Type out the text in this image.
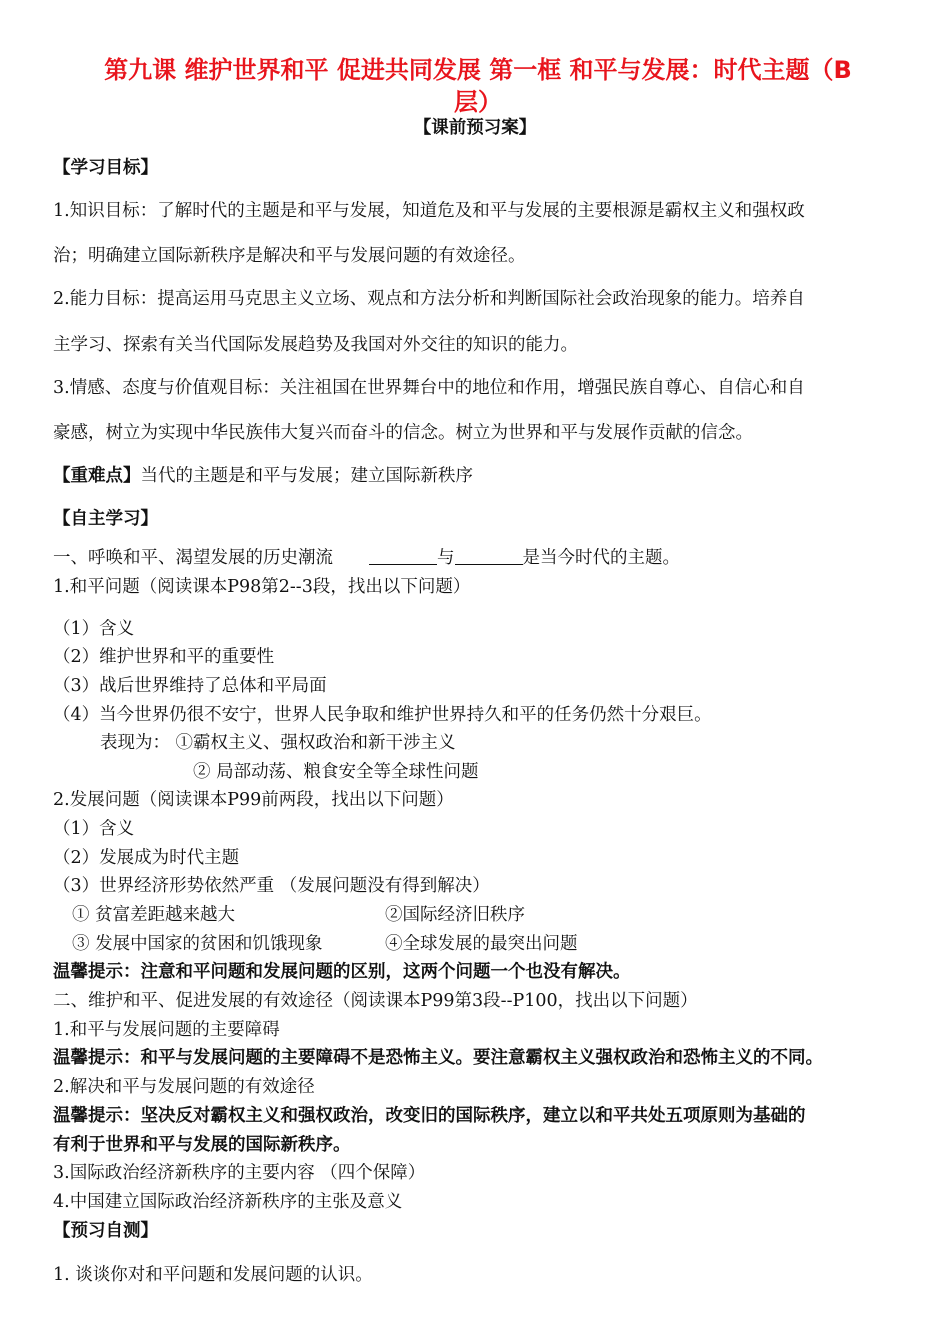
第九课 维护世界和平 促进共同发展 第一框 和平与发展：时代主题（B
层）
【课前预习案】
【学习目标】
1.知识目标：了解时代的主题是和平与发展，知道危及和平与发展的主要根源是霸权主义和强权政
治；明确建立国际新秩序是解决和平与发展问题的有效途径。
2.能力目标：提高运用马克思主义立场、观点和方法分析和判断国际社会政治现象的能力。培养自
主学习、探索有关当代国际发展趋势及我国对外交往的知识的能力。
3.情感、态度与价值观目标：关注祖国在世界舞台中的地位和作用，增强民族自尊心、自信心和自
豪感，树立为实现中华民族伟大复兴而奋斗的信念。树立为世界和平与发展作贡献的信念。
【重难点】当代的主题是和平与发展；建立国际新秩序
【自主学习】
一、呼唤和平、渴望发展的历史潮流	与	是当今时代的主题。
1.和平问题（阅读课本P98第2--3段，找出以下问题）
（1）含义
（2）维护世界和平的重要性
（3）战后世界维持了总体和平局面
（4）当今世界仍很不安宁，世界人民争取和维护世界持久和平的任务仍然十分艰巨。
表现为： ①霸权主义、强权政治和新干涉主义
② 局部动荡、粮食安全等全球性问题
2.发展问题（阅读课本P99前两段，找出以下问题）
（1）含义
（2）发展成为时代主题
（3）世界经济形势依然严重 （发展问题没有得到解决）
① 贫富差距越来越大	②国际经济旧秩序
③ 发展中国家的贫困和饥饿现象	④全球发展的最突出问题
温馨提示：注意和平问题和发展问题的区别，这两个问题一个也没有解决。
二、维护和平、促进发展的有效途径（阅读课本P99第3段--P100，找出以下问题）
1.和平与发展问题的主要障碍
温馨提示：和平与发展问题的主要障碍不是恐怖主义。要注意霸权主义强权政治和恐怖主义的不同。
2.解决和平与发展问题的有效途径
温馨提示：坚决反对霸权主义和强权政治，改变旧的国际秩序，建立以和平共处五项原则为基础的
有利于世界和平与发展的国际新秩序。
3.国际政治经济新秩序的主要内容 （四个保障）
4.中国建立国际政治经济新秩序的主张及意义
【预习自测】
1. 谈谈你对和平问题和发展问题的认识。
